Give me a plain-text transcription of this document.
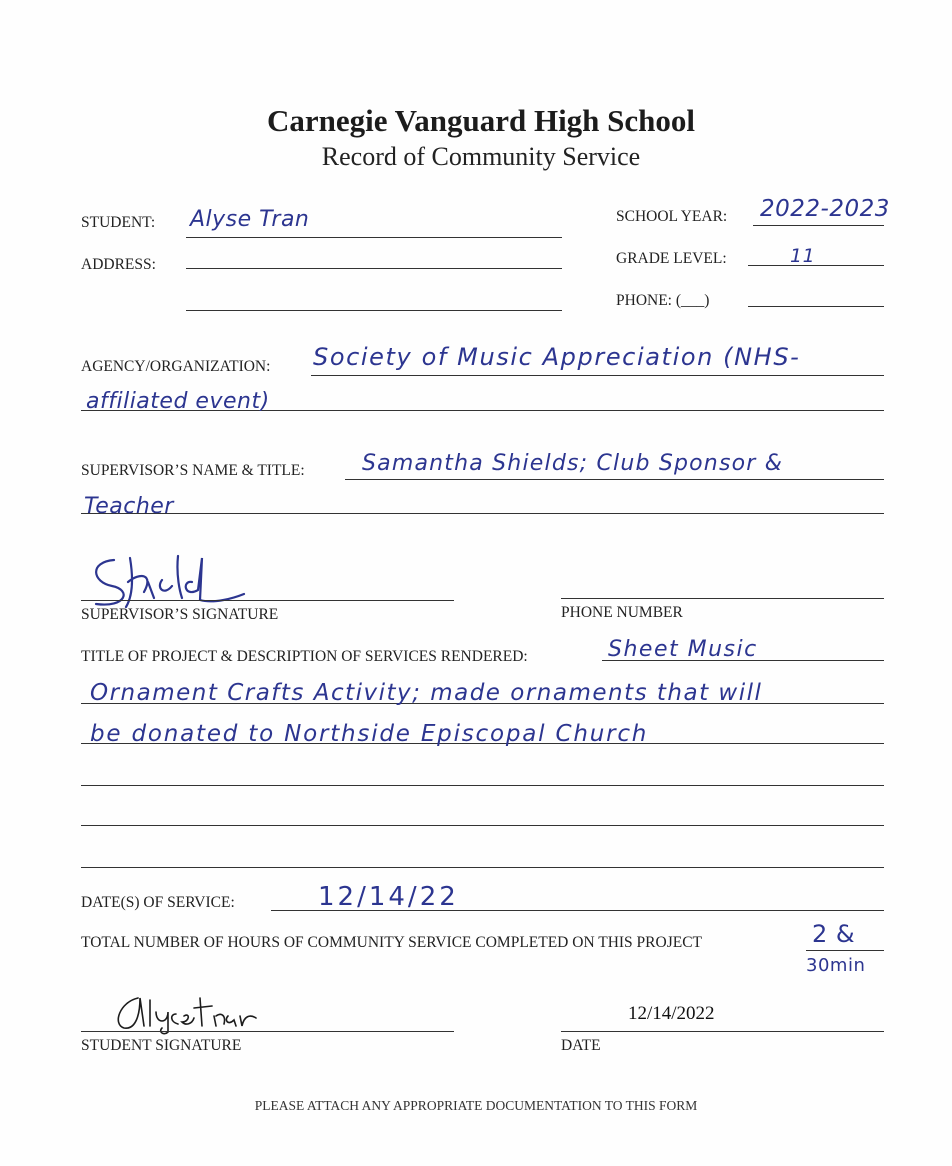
Carnegie Vanguard High School
Record of Community Service
STUDENT: Alyse Tran	SCHOOL YEAR: 2022-2023
ADDRESS:	GRADE LEVEL:	11
PHONE: (___)
AGENCY/ORGANIZATION: Society of Music Appreciation (NHS-
affiliated event)
SUPERVISOR’S NAME & TITLE:	Samantha Shields; Club Sponsor &
Teacher
SUPERVISOR’S SIGNATURE	PHONE NUMBER
TITLE OF PROJECT & DESCRIPTION OF SERVICES RENDERED:	Sheet Music
Ornament Crafts Activity; made ornaments that will
be donated to Northside Episcopal Church
DATE(S) OF SERVICE:	12/14/22
TOTAL NUMBER OF HOURS OF COMMUNITY SERVICE COMPLETED ON THIS PROJECT	2 &
30min
STUDENT SIGNATURE
12/14/2022
DATE
PLEASE ATTACH ANY APPROPRIATE DOCUMENTATION TO THIS FORM
